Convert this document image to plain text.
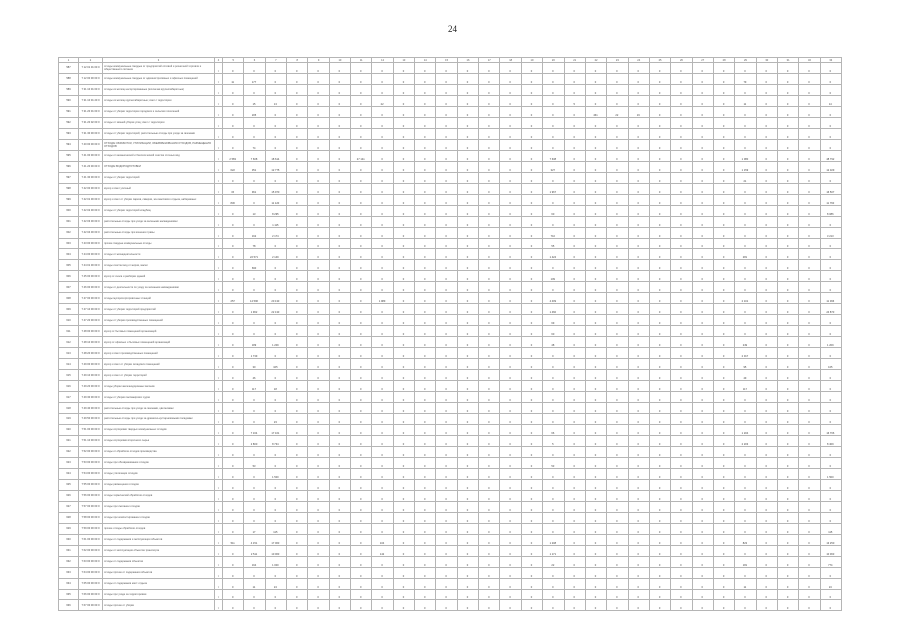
24
1	2	3	4	5	6	7	8	9	10	11	12	13	14	15	16	17	18	19	20	21	22	23	24	25	26	27	28	29	30	31	32	33
587	7 12 01 01 00 0	отходы коммунальные твердые от предприятий оптовой и розничной торговли и общественного питания	т	0	0	0	0	0	0	0	0	0	0	0	0	0	0	0	0	0	0	0	0	0	0	0	0	0	0	0	0	0
588	7 12 00 00 00 0	отходы коммунальные твердые от административных и офисных помещений	т	11	177	0	0	0	0	0	0	0	0	0	0	0	0	0	0	0	0	0	0	0	0	0	0	79	0	0	0	0
589	7 31 10 01 00 0	отходы из жилищ несортированные (исключая крупногабаритные)	т	0	0	0	0	0	0	0	0	0	0	0	0	0	0	0	0	0	0	0	0	0	0	0	0	0	0	0	0	0
590	7 31 10 01 20 0	отходы из жилищ крупногабаритные; смет с территории	т	0	15	13	0	0	0	0	22	0	0	0	0	0	0	0	0	5	0	0	0	0	0	0	0	11	0	0	0	14
591	7 31 20 01 00 0	отходы от уборки территории городских и сельских поселений	т	0	205	0	0	0	0	0	0	0	0	0	0	0	0	0	0	0	461	22	19	0	0	0	0	0	0	0	0	0
592	7 31 20 02 00 0	отходы от зимней уборки улиц; смет с территории	т	0	0	0	0	0	0	0	0	0	0	0	0	0	0	0	0	0	0	0	0	0	0	0	0	0	0	0	0	0
593	7 31 30 00 00 0	отходы от уборки территорий; растительные отходы при уходе за газонами	т	0	0	0	0	0	0	0	0	0	0	0	0	0	0	0	0	0	0	0	0	0	0	0	0	0	0	0	0	0
594	7 40 00 00 00 0	ОТХОДЫ ОБРАБОТКИ, УТИЛИЗАЦИИ, ОБЕЗВРЕЖИВАНИЯ ОТХОДОВ, РАЗМЕЩЕНИЯ ОТХОДОВ	т	0	74	0	0	0	0	0	0	0	0	0	0	0	0	0	0	0	0	0	0	0	0	0	0	0	0	0	0	0
595	7 41 00 00 00 0	отходы от механической и биологической очистки сточных вод	т	2 583	7 608	18 614	0	0	0	27 141	0	0	0	0	0	0	0	0	7 638	0	0	0	0	0	0	0	0	1 080	0	0	0	48 792
596	7 41 20 00 00 0	ОТХОДЫ ВОДОПОДГОТОВКИ	т	622	351	12 775	0	0	0	0	0	0	0	0	0	0	0	0	327	0	0	0	0	0	0	0	0	1 159	0	0	0	12 029
597	7 41 30 00 00 0	отходы от уборки территорий	т	0	0	0	0	0	0	0	0	0	0	0	0	0	0	0	0	0	0	0	0	0	0	0	0	21	0	0	0	0
598	7 42 00 00 00 0	мусор и смет уличный	т	15	961	15 970	0	0	0	0	0	0	0	0	0	0	0	0	1 967	0	0	0	0	0	0	0	0	0	0	0	0	16 507
599	7 42 01 00 00 0	мусор и смет от уборки парков, скверов, зон массового отдыха, набережных	т	830	0	11 120	0	0	0	0	0	0	0	0	0	0	0	0	0	0	0	0	0	0	0	0	0	0	0	0	0	11 760
600	7 42 02 00 00 0	отходы от уборки территорий кладбищ	т	0	13	8 295	0	0	0	0	0	0	0	0	0	0	0	0	60	0	0	0	0	0	0	0	0	0	0	0	0	8 086
601	7 42 03 00 00 0	растительные отходы при уходе за зелеными насаждениями	т	0	0	1 115	0	0	0	0	0	0	0	0	0	0	0	0	0	0	0	0	0	0	0	0	0	0	0	0	0	0
602	7 42 04 00 00 0	растительные отходы при кошении травы	т	0	162	2 174	0	0	0	0	0	0	0	0	0	0	0	0	710	0	0	0	0	0	0	0	0	0	0	0	0	3 213
603	7 43 00 00 00 0	прочие твердые коммунальные отходы	т	0	78	0	0	0	0	0	0	0	0	0	0	0	0	0	55	0	0	0	0	0	0	0	0	0	0	0	0	0
604	7 44 00 00 00 0	отходы от жизнедеятельности	т	0	22 571	2 149	0	0	0	0	0	0	0	0	0	0	0	0	1 424	0	0	0	0	0	0	0	0	281	0	0	0	0
605	7 44 01 00 00 0	отходы очистки вод от жиров, масел	т	0	690	0	0	0	0	0	0	0	0	0	0	0	0	0	0	0	0	0	0	0	0	0	0	0	0	0	0	0
606	7 45 00 00 00 0	мусор от сноса и разборки зданий	т	0	0	0	0	0	0	0	0	0	0	0	0	0	0	0	109	0	0	0	0	0	0	0	0	0	0	0	0	0
607	7 46 00 00 00 0	отходы от деятельности по уходу за зелеными насаждениями	т	0	0	0	0	0	0	0	0	0	0	0	0	0	0	0	0	0	0	0	0	0	0	0	0	0	0	0	0	0
608	7 47 00 00 00 0	отходы мусоросортировочных станций	т	257	14 596	20 133	0	0	0	0	1 989	0	0	0	0	0	0	0	4 409	0	0	0	0	0	0	0	0	2 101	0	0	0	11 396
609	7 47 10 00 00 0	отходы от уборки территорий предприятий	т	0	1 962	22 133	0	0	0	0	0	0	0	0	0	0	0	0	1 460	0	0	0	0	0	0	0	0	0	0	0	0	24 873
610	7 47 20 00 00 0	отходы от уборки производственных помещений	т	0	0	0	0	0	0	0	0	0	0	0	0	0	0	0	69	0	0	0	0	0	0	0	0	0	0	0	0	0
611	7 48 00 00 00 0	мусор от бытовых помещений организаций	т	0	0	0	0	0	0	0	0	0	0	0	0	0	0	0	60	0	0	0	0	0	0	0	0	0	0	0	0	0
612	7 48 10 00 00 0	мусор от офисных и бытовых помещений организаций	т	0	189	1 209	0	0	0	0	0	0	0	0	0	0	0	0	48	0	0	0	0	0	0	0	0	249	0	0	0	1 209
613	7 48 20 00 00 0	мусор и смет производственных помещений	т	0	1 739	0	0	0	0	0	0	0	0	0	0	0	0	0	0	0	0	0	0	0	0	0	0	2 017	0	0	0	0
614	7 49 00 00 00 0	мусор и смет от уборки складских помещений	т	0	30	105	0	0	0	0	0	0	0	0	0	0	0	0	0	0	0	0	0	0	0	0	0	95	0	0	0	105
615	7 49 10 00 00 0	мусор и смет от уборки территорий	т	0	46	0	0	0	0	0	0	0	0	0	0	0	0	0	0	0	0	0	0	0	0	0	0	49	0	0	0	0
616	7 49 20 00 00 0	отходы уборки железнодорожных вагонов	т	0	117	18	0	0	0	0	0	0	0	0	0	0	0	0	0	0	0	0	0	0	0	0	0	117	0	0	0	0
617	7 49 30 00 00 0	отходы от уборки пассажирских судов	т	0	0	0	0	0	0	0	0	0	0	0	0	0	0	0	0	0	0	0	0	0	0	0	0	0	0	0	0	0
618	7 49 40 00 00 0	растительные отходы при уходе за газонами, цветниками	т	0	0	0	0	0	0	0	0	0	0	0	0	0	0	0	0	0	0	0	0	0	0	0	0	0	0	0	0	0
619	7 49 50 00 00 0	растительные отходы при уходе за древесно-кустарниковыми посадками	т	0	0	23	0	0	0	0	0	0	0	0	0	0	0	0	0	0	0	0	0	0	0	0	0	0	0	0	0	0
620	7 51 00 00 00 0	отходы сортировки твердых коммунальных отходов	т	0	7 164	17 161	0	0	0	0	0	0	0	0	0	0	0	0	66	0	0	0	0	0	0	0	0	1 204	0	0	0	16 766
621	7 51 10 00 00 0	отходы сортировки вторичного сырья	т	0	2 800	8 734	0	0	0	0	0	0	0	0	0	0	0	0	5	0	0	0	0	0	0	0	0	2 203	0	0	0	8 409
622	7 52 00 00 00 0	отходы от обработки отходов производства	т	0	0	0	0	0	0	0	0	0	0	0	0	0	0	0	0	0	0	0	0	0	0	0	0	0	0	0	0	0
623	7 53 00 00 00 0	отходы при обезвреживании отходов	т	0	53	0	0	0	0	0	0	0	0	0	0	0	0	0	53	0	0	0	0	0	0	0	0	0	0	0	0	0
624	7 54 00 00 00 0	отходы утилизации отходов	т	0	0	1 500	0	0	0	0	0	0	0	0	0	0	0	0	0	0	0	0	0	0	0	0	0	0	0	0	0	1 500
625	7 55 00 00 00 0	отходы размещения отходов	т	0	0	0	0	0	0	0	0	0	0	0	0	0	0	0	0	0	0	0	0	0	0	0	0	0	0	0	0	0
626	7 56 00 00 00 0	отходы термической обработки отходов	т	0	0	0	0	0	0	0	0	0	0	0	0	0	0	0	0	0	0	0	0	0	0	0	0	0	0	0	0	0
627	7 57 00 00 00 0	отходы при сжигании отходов	т	0	0	0	0	0	0	0	0	0	0	0	0	0	0	0	0	0	0	0	0	0	0	0	0	0	0	0	0	0
628	7 58 00 00 00 0	отходы при компостировании отходов	т	0	0	0	0	0	0	0	0	0	0	0	0	0	0	0	0	0	0	0	0	0	0	0	0	0	0	0	0	0
629	7 59 00 00 00 0	прочие отходы обработки отходов	т	0	17	115	0	0	0	0	0	0	0	0	0	0	0	0	0	0	0	0	0	0	0	0	0	0	0	0	0	115
630	7 61 00 00 00 0	отходы от содержания и эксплуатации объектов	т	511	4 151	17 063	0	0	0	0	104	0	0	0	0	0	0	0	1 208	0	0	0	0	0	0	0	0	823	0	0	0	13 250
631	7 62 00 00 00 0	отходы от эксплуатации объектов транспорта	т	0	2 511	10 063	0	0	0	0	142	0	0	0	0	0	0	0	1 171	0	0	0	0	0	0	0	0	0	0	0	0	10 063
632	7 63 00 00 00 0	отходы от содержания объектов	т	0	164	1 000	0	0	0	0	0	0	0	0	0	0	0	0	22	0	0	0	0	0	0	0	0	181	0	0	0	774
633	7 64 00 00 00 0	отходы прочие от содержания объектов	т	0	0	0	0	0	0	0	0	0	0	0	0	0	0	0	0	0	0	0	0	0	0	0	0	0	0	0	0	0
634	7 65 00 00 00 0	отходы от содержания мест отдыха	т	0	11	24	0	0	0	0	0	0	0	0	0	0	0	0	0	0	0	0	0	0	0	0	0	11	0	0	0	24
635	7 66 00 00 00 0	отходы при уходе за территориями	т	0	0	0	0	0	0	0	0	0	0	0	0	0	0	0	0	0	0	0	0	0	0	0	0	0	0	0	0	0
636	7 67 00 00 00 0	отходы прочие от уборки	т	0	0	0	0	0	0	0	0	0	0	0	0	0	0	0	0	0	0	0	0	0	0	0	0	0	0	0	0	0
